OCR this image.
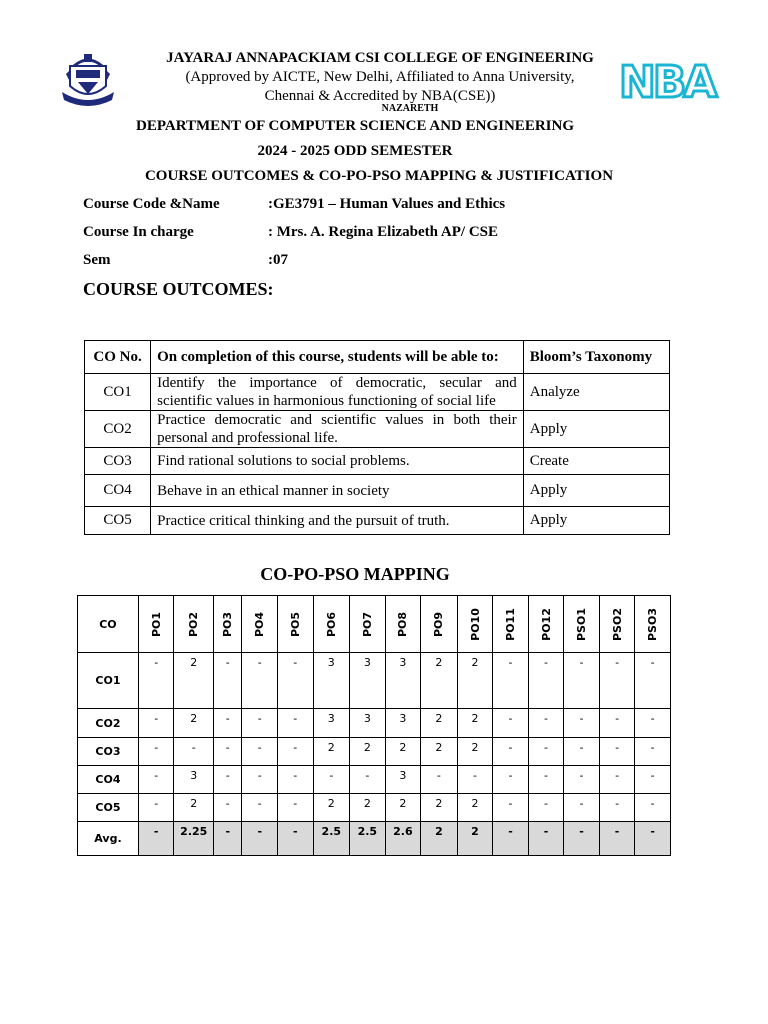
NBA
JAYARAJ ANNAPACKIAM CSI COLLEGE OF ENGINEERING
(Approved by AICTE, New Delhi, Affiliated to Anna University,
Chennai & Accredited by NBA(CSE))
NAZARETH
DEPARTMENT OF COMPUTER SCIENCE AND ENGINEERING
2024 - 2025 ODD SEMESTER
COURSE OUTCOMES & CO-PO-PSO MAPPING & JUSTIFICATION
Course Code &Name	:GE3791 – Human Values and Ethics
Course In charge	: Mrs. A. Regina Elizabeth AP/ CSE
Sem	:07
COURSE OUTCOMES:
CO No.	On completion of this course, students will be able to:	Bloom’s Taxonomy
CO1	Identify the importance of democratic, secular and scientific values in harmonious functioning of social life	Analyze
CO2	Practice democratic and scientific values in both their personal and professional life.	Apply
CO3	Find rational solutions to social problems.	Create
CO4	Behave in an ethical manner in society	Apply
CO5	Practice critical thinking and the pursuit of truth.	Apply
CO-PO-PSO MAPPING
CO	PO1	PO2	PO3	PO4	PO5	PO6	PO7	PO8	PO9	PO10	PO11	PO12	PSO1	PSO2	PSO3
CO1	-	2	-	-	-	3	3	3	2	2	-	-	-	-	-
CO2	-	2	-	-	-	3	3	3	2	2	-	-	-	-	-
CO3	-	-	-	-	-	2	2	2	2	2	-	-	-	-	-
CO4	-	3	-	-	-	-	-	3	-	-	-	-	-	-	-
CO5	-	2	-	-	-	2	2	2	2	2	-	-	-	-	-
Avg.	-	2.25	-	-	-	2.5	2.5	2.6	2	2	-	-	-	-	-
